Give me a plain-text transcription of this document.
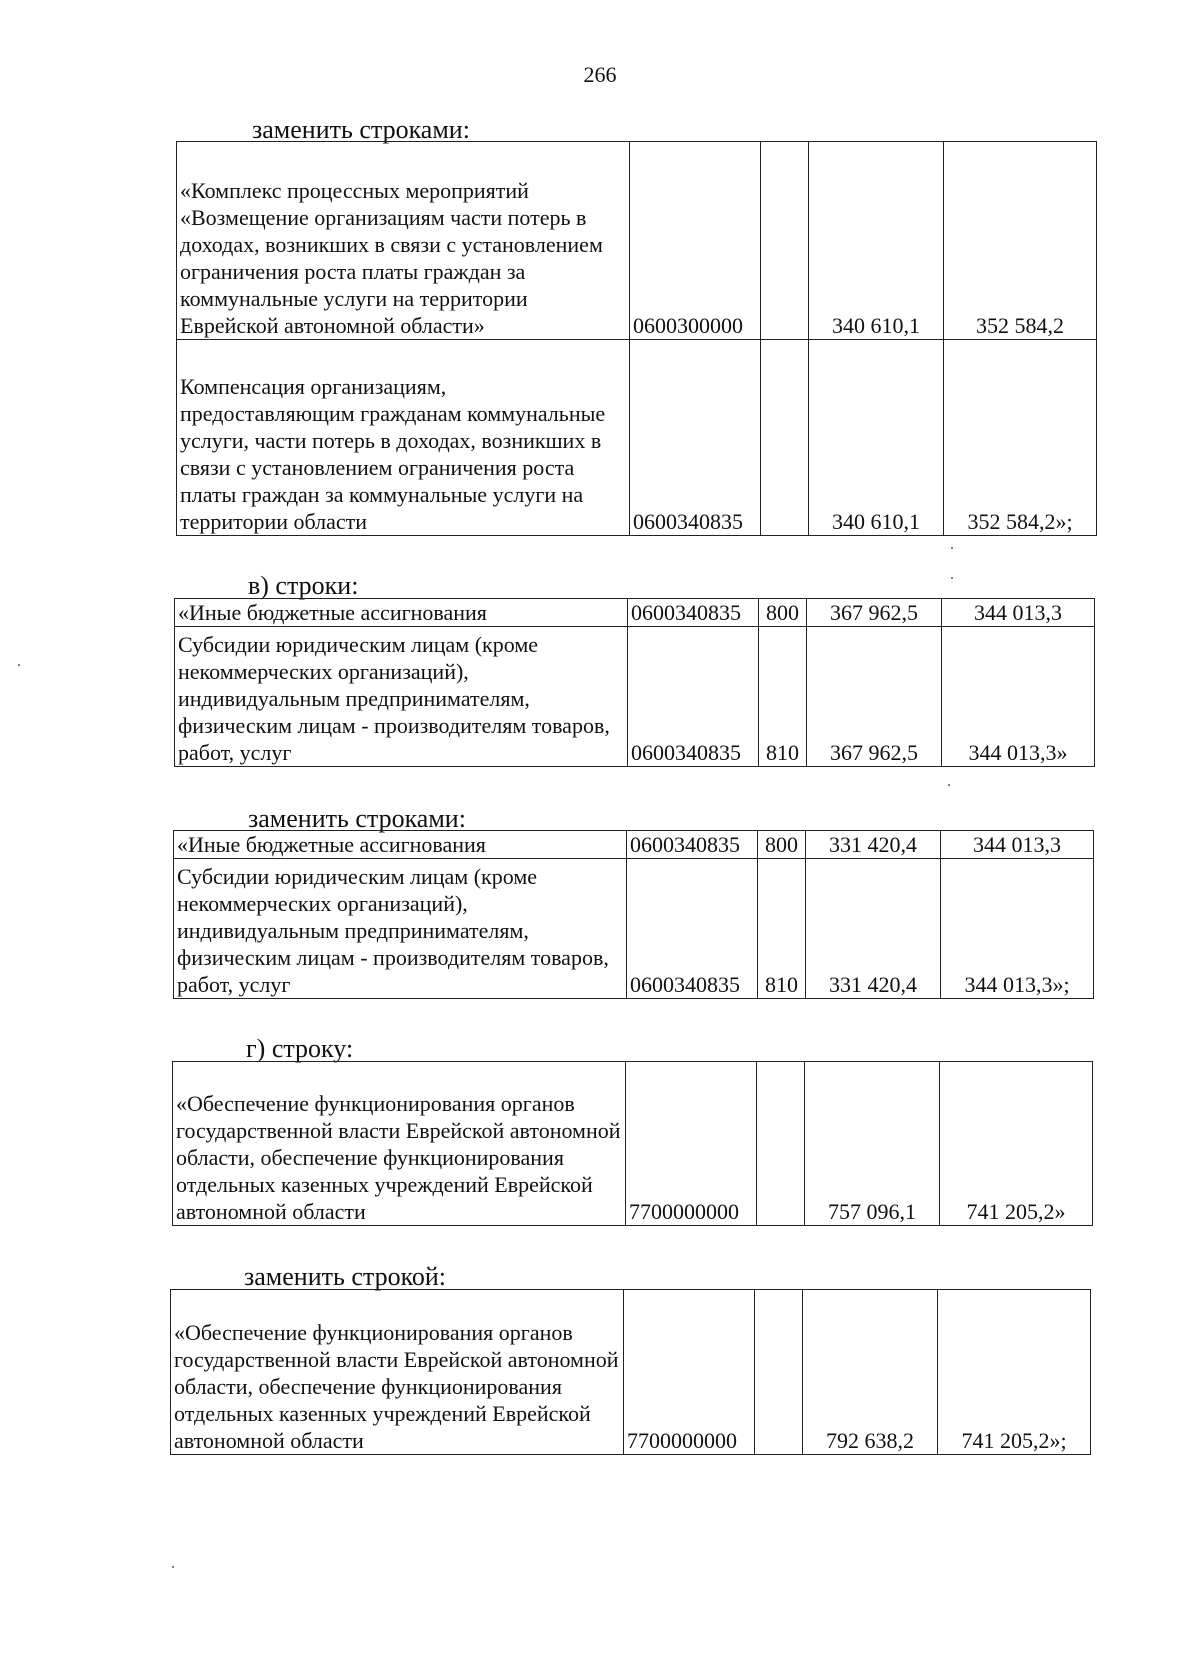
266
заменить строками:
«Комплекс процессных мероприятий «Возмещение организациям части потерь в доходах, возникших в связи с установлением ограничения роста платы граждан за коммунальные услуги на территории Еврейской автономной области»	0600300000		340 610,1	352 584,2
Компенсация организациям, предоставляющим гражданам коммунальные услуги, части потерь в доходах, возникших в связи с установлением ограничения роста платы граждан за коммунальные услуги на территории области	0600340835		340 610,1	352 584,2»;
в) строки:
«Иные бюджетные ассигнования	0600340835	800	367 962,5	344 013,3
Субсидии юридическим лицам (кроме некоммерческих организаций), индивидуальным предпринимателям, физическим лицам - производителям товаров, работ, услуг	0600340835	810	367 962,5	344 013,3»
заменить строками:
«Иные бюджетные ассигнования	0600340835	800	331 420,4	344 013,3
Субсидии юридическим лицам (кроме некоммерческих организаций), индивидуальным предпринимателям, физическим лицам - производителям товаров, работ, услуг	0600340835	810	331 420,4	344 013,3»;
г) строку:
«Обеспечение функционирования органов государственной власти Еврейской автономной области, обеспечение функционирования отдельных казенных учреждений Еврейской автономной области	7700000000		757 096,1	741 205,2»
заменить строкой:
«Обеспечение функционирования органов государственной власти Еврейской автономной области, обеспечение функционирования отдельных казенных учреждений Еврейской автономной области	7700000000		792 638,2	741 205,2»;
